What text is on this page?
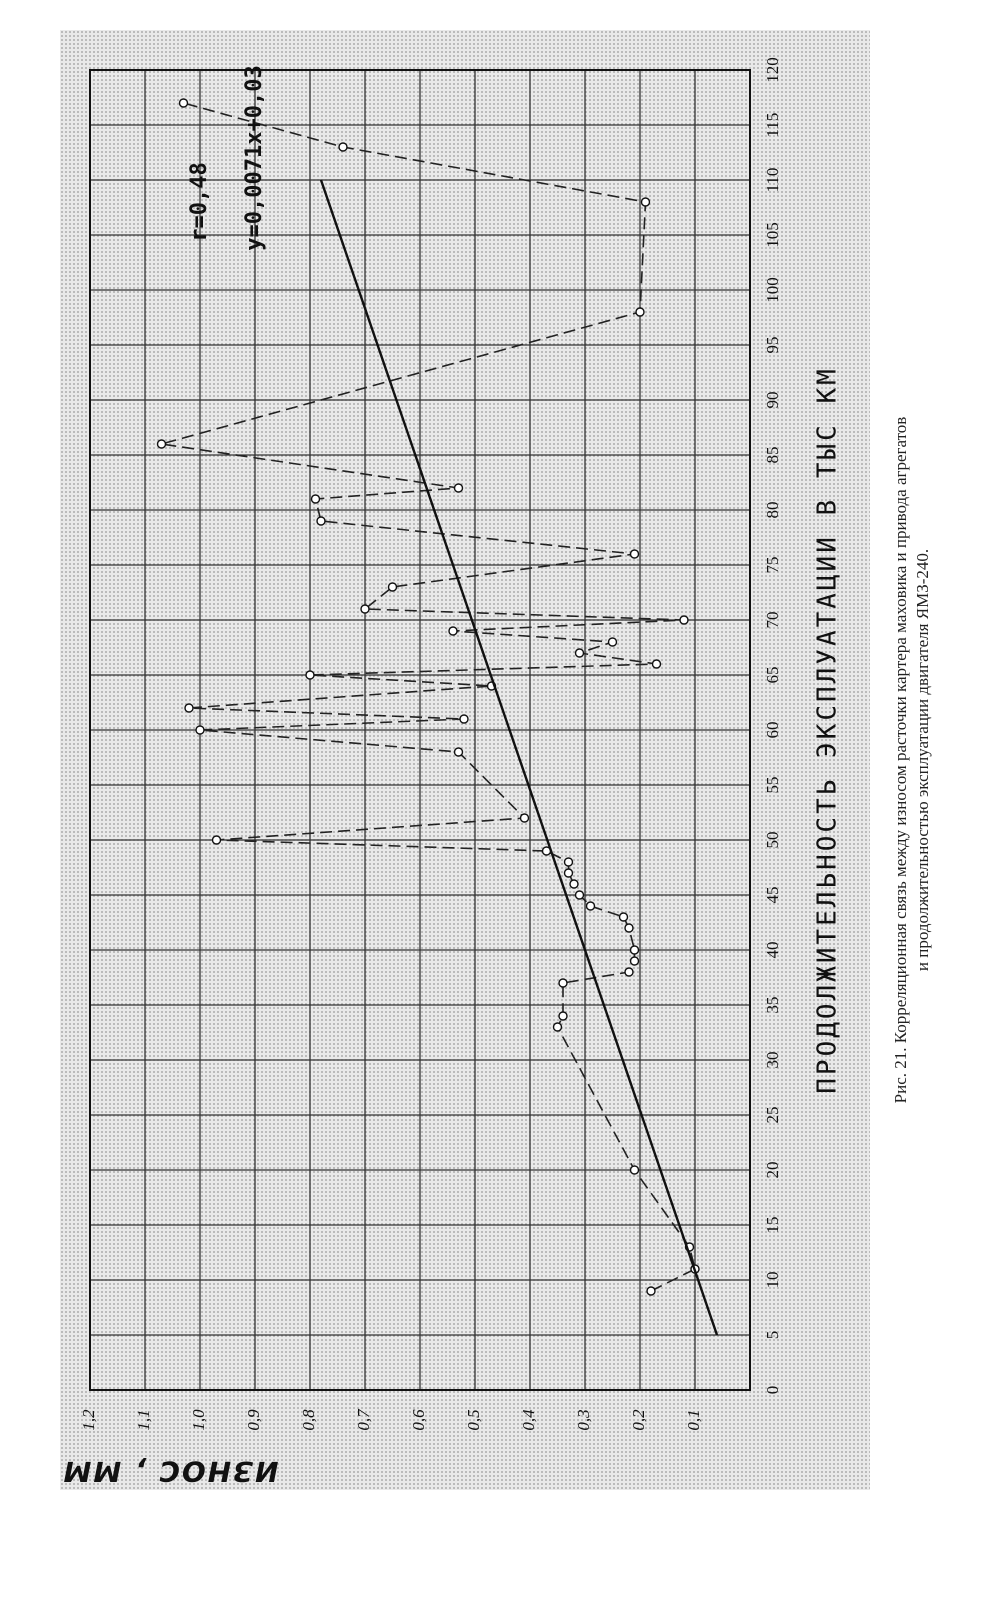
0
5
10
15
20
25
30
35
40
45
50
55
60
65
70
75
80
85
90
95
100
105
110
115
120
0,1
0,2
0,3
0,4
0,5
0,6
0,7
0,8
0,9
1,0
1,1
1,2
r=0,48 y=0,0071x+0,03
ПРОДОЛЖИТЕЛЬНОСТЬ ЭКСПЛУАТАЦИИ В ТЫС КМ
ИЗНОС , ММ
Рис. 21. Корреляционная связь между износом расточки картера маховика и привода агрегатов и продолжительностью эксплуатации двигателя ЯМЗ-240.
